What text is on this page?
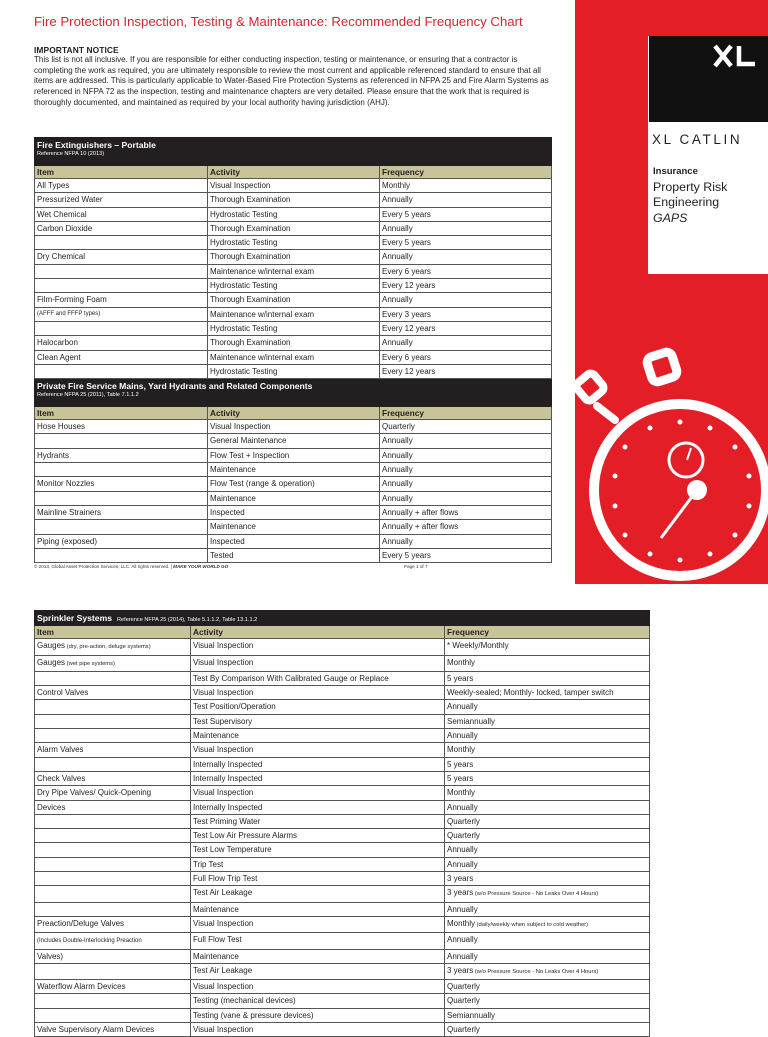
Fire Protection Inspection, Testing & Maintenance: Recommended Frequency Chart
IMPORTANT NOTICE
This list is not all inclusive. If you are responsible for either conducting inspection, testing or maintenance, or ensuring that a contractor is completing the work as required, you are ultimately responsible to review the most current and applicable referenced standard to ensure that all items are addressed. This is particularly applicable to Water-Based Fire Protection Systems as referenced in NFPA 25 and Fire Alarm Systems as referenced in NFPA 72 as the inspection, testing and maintenance chapters are very detailed. Please ensure that the work that is required is thoroughly documented, and maintained as required by your local authority having jurisdiction (AHJ).
XL CATLIN
Insurance
Property Risk
Engineering
GAPS
Fire Extinguishers – Portable
Reference NFPA 10 (2013)		

Item	Activity	Frequency
All Types	Visual Inspection	Monthly
Pressurized Water	Thorough Examination	Annually
Wet Chemical	Hydrostatic Testing	Every 5 years
Carbon Dioxide	Thorough Examination	Annually
	Hydrostatic Testing	Every 5 years
Dry Chemical	Thorough Examination	Annually
	Maintenance w/internal exam	Every 6 years
	Hydrostatic Testing	Every 12 years
Film-Forming Foam	Thorough Examination	Annually
(AFFF and FFFP types)	Maintenance w/internal exam	Every 3 years
	Hydrostatic Testing	Every 12 years
Halocarbon	Thorough Examination	Annually
Clean Agent	Maintenance w/internal exam	Every 6 years
	Hydrostatic Testing	Every 12 years

Private Fire Service Mains, Yard Hydrants and Related Components
Reference NFPA 25 (2011), Table 7.1.1.2		

Item	Activity	Frequency
Hose Houses	Visual Inspection	Quarterly
	General Maintenance	Annually
Hydrants	Flow Test + Inspection	Annually
	Maintenance	Annually
Monitor Nozzles	Flow Test (range & operation)	Annually
	Maintenance	Annually
Mainline Strainers	Inspected	Annually + after flows
	Maintenance	Annually + after flows
Piping (exposed)	Inspected	Annually
	Tested	Every 5 years
© 2013, Global Asset Protection Services, LLC. All rights reserved. | MAKE YOUR WORLD GO	Page 1 of 7
Sprinkler Systems Reference NFPA 25 (2014), Table 5.1.1.2, Table 13.1.1.2		
Item	Activity	Frequency
Gauges (dry, pre-action, deluge systems)	Visual Inspection	* Weekly/Monthly
Gauges (wet pipe systems)	Visual Inspection	Monthly
	Test By Comparison With Calibrated Gauge or Replace	5 years
Control Valves	Visual Inspection	Weekly-sealed; Monthly- locked, tamper switch
	Test Position/Operation	Annually
	Test Supervisory	Semiannually
	Maintenance	Annually
Alarm Valves	Visual Inspection	Monthly
	Internally Inspected	5 years
Check Valves	Internally Inspected	5 years
Dry Pipe Valves/ Quick-Opening	Visual Inspection	Monthly
Devices	Internally Inspected	Annually
	Test Priming Water	Quarterly
	Test Low Air Pressure Alarms	Quarterly
	Test Low Temperature	Annually
	Trip Test	Annually
	Full Flow Trip Test	3 years
	Test Air Leakage	3 years (w/o Pressure Source - No Leaks Over 4 Hours)
	Maintenance	Annually
Preaction/Deluge Valves	Visual Inspection	Monthly (daily/weekly when subject to cold weather)
(Includes Double-Interlocking Preaction	Full Flow Test	Annually
Valves)	Maintenance	Annually
	Test Air Leakage	3 years (w/o Pressure Source - No Leaks Over 4 Hours)
Waterflow Alarm Devices	Visual Inspection	Quarterly
	Testing (mechanical devices)	Quarterly
	Testing (vane & pressure devices)	Semiannually
Valve Supervisory Alarm Devices	Visual Inspection	Quarterly
